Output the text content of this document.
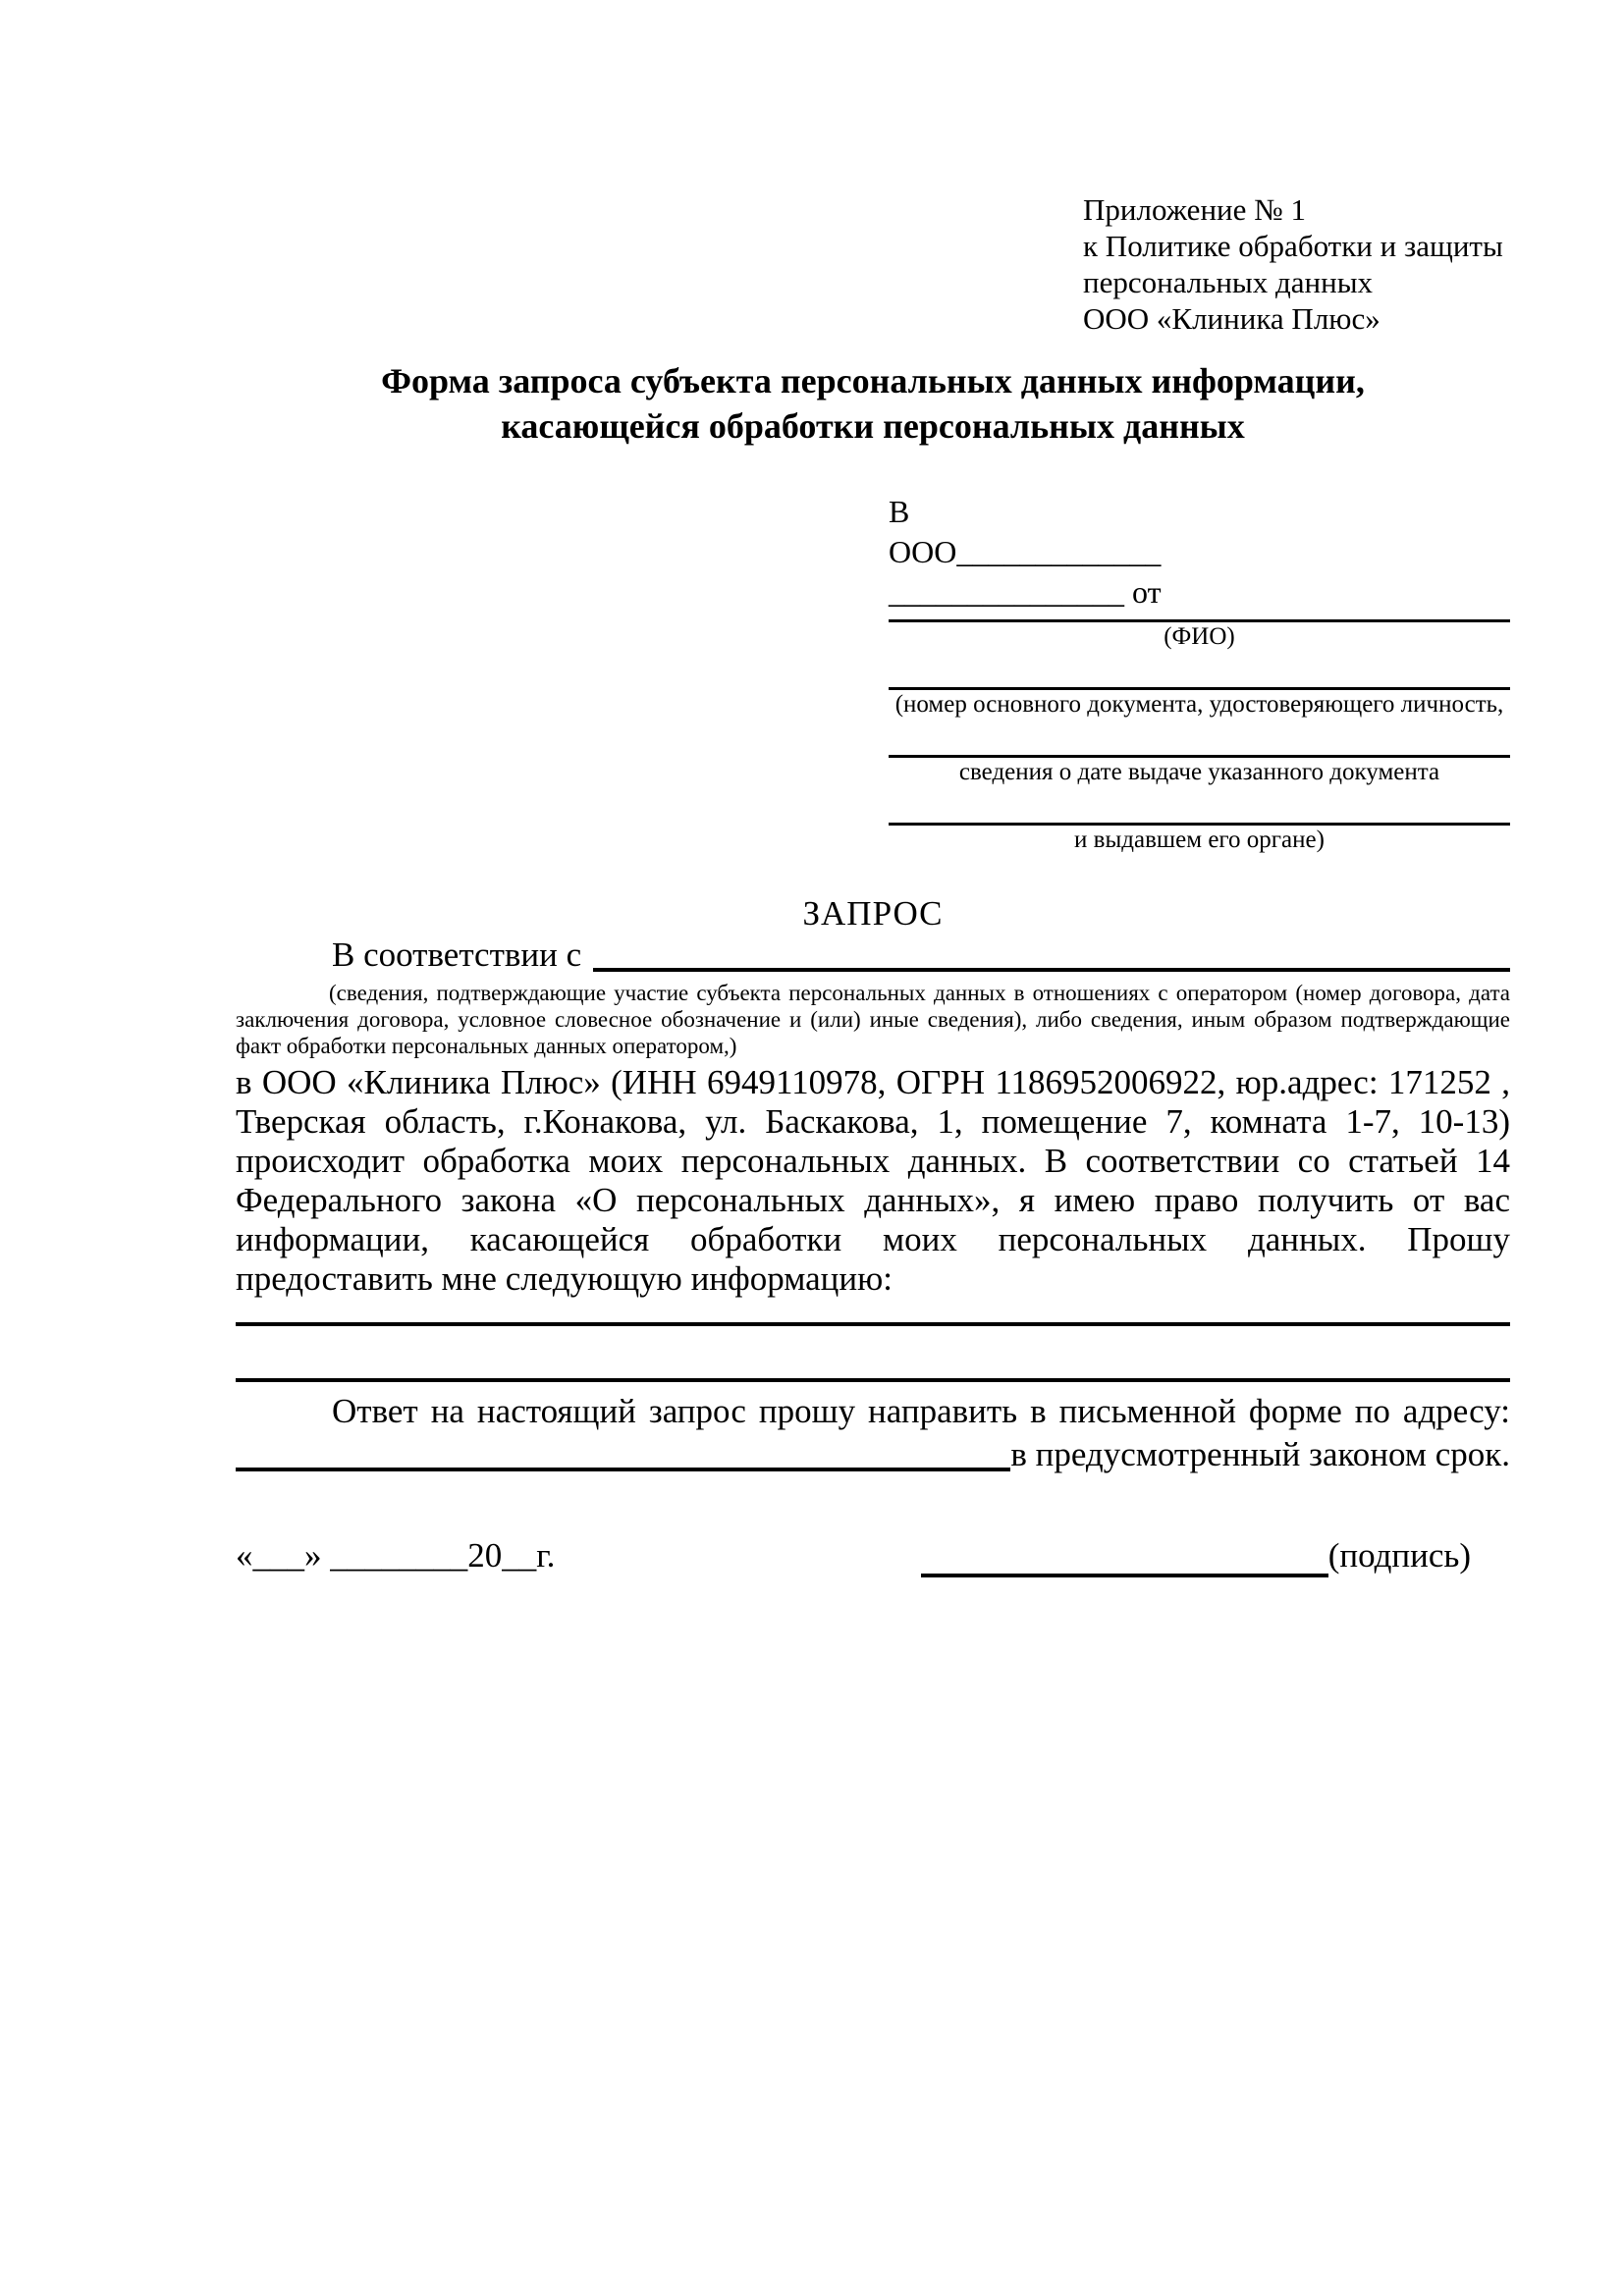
Приложение № 1
к Политике обработки и защиты
персональных данных
ООО «Клиника Плюс»
Форма запроса субъекта персональных данных информации,
касающейся обработки персональных данных
В
ООО_____________
_______________ от
(ФИО)
(номер основного документа, удостоверяющего личность,
сведения о дате выдаче указанного документа
и выдавшем его органе)
ЗАПРОС
В соответствии с
(сведения, подтверждающие участие субъекта персональных данных в отношениях с оператором (номер договора, дата заключения договора, условное словесное обозначение и (или) иные сведения), либо сведения, иным образом подтверждающие факт обработки персональных данных оператором,)

в ООО «Клиника Плюс» (ИНН 6949110978, ОГРН 1186952006922, юр.адрес: 171252 , Тверская область, г.Конакова, ул. Баскакова, 1, помещение 7, комната 1-7, 10-13) происходит обработка моих персональных данных. В соответствии со статьей 14 Федерального закона «О персональных данных», я имею право получить от вас информации, касающейся обработки моих персональных данных. Прошу предоставить мне следующую информацию:

Ответ на настоящий запрос прошу направить в письменной форме по адресу:
в предусмотренный законом срок.
«___» ________20__г.	(подпись)
